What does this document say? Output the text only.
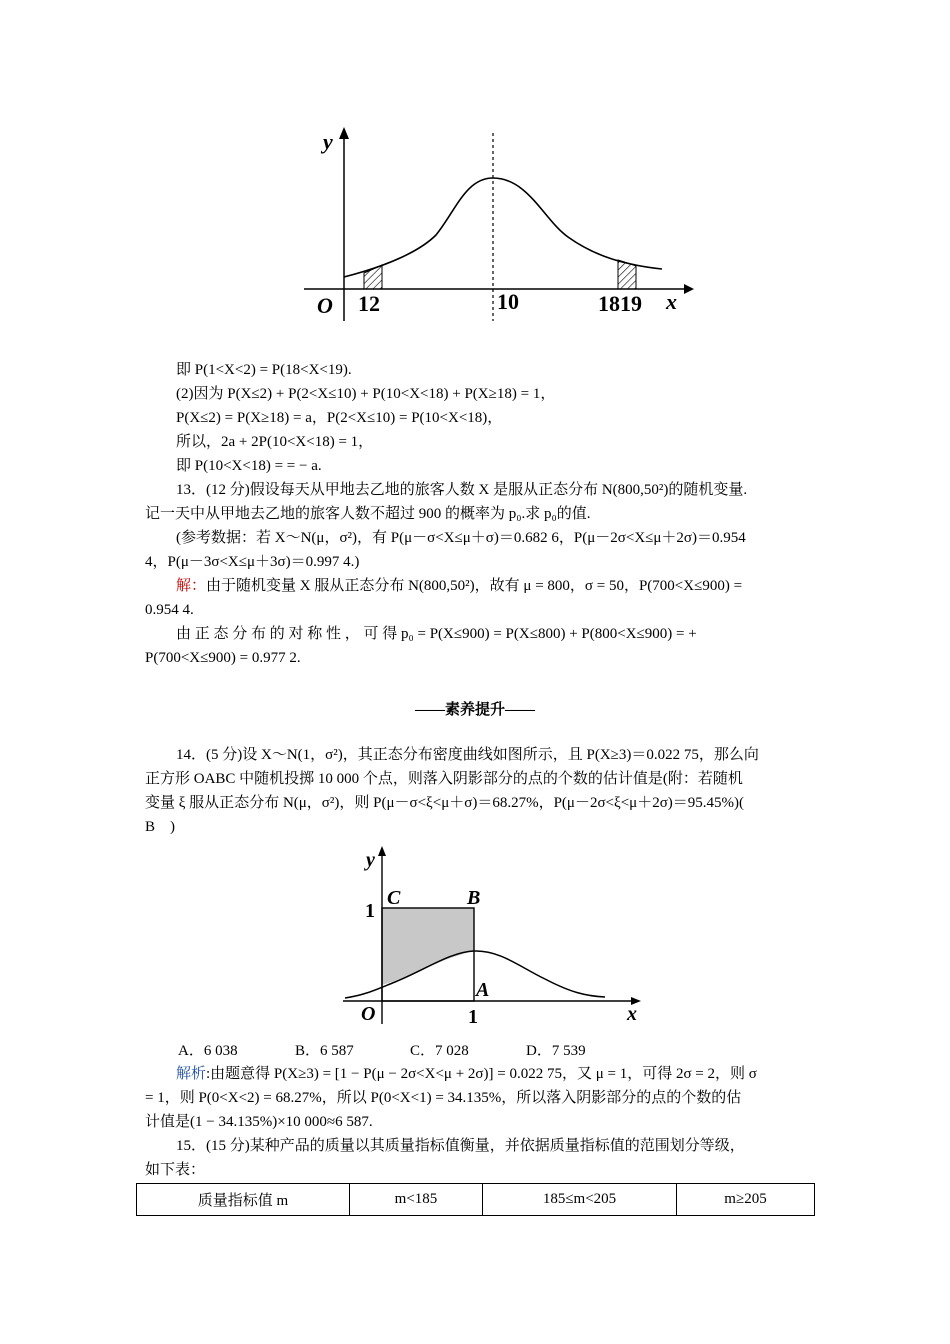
y
O 12	10	1819 x

即 P(1<X<2) = P(18<X<19).

(2)因为 P(X≤2) + P(2<X≤10) + P(10<X<18) + P(X≥18) = 1，

P(X≤2) = P(X≥18) = a，P(2<X≤10) = P(10<X<18)，

所以，2a + 2P(10<X<18) = 1，

即 P(10<X<18) = = − a.

13．(12 分)假设每天从甲地去乙地的旅客人数 X 是服从正态分布 N(800,50²)的随机变量.

记一天中从甲地去乙地的旅客人数不超过 900 的概率为 p₀.求 p₀的值.

(参考数据：若 X～N(μ，σ²)，有 P(μ－σ<X≤μ＋σ)＝0.682 6，P(μ－2σ<X≤μ＋2σ)＝0.954

4，P(μ－3σ<X≤μ＋3σ)＝0.997 4.)

解：由于随机变量 X 服从正态分布 N(800,50²)，故有 μ = 800，σ = 50，P(700<X≤900) =

0.954 4.

由 正 态 分 布 的 对 称 性 ， 可 得 p₀ = P(X≤900) = P(X≤800) + P(800<X≤900) = +

P(700<X≤900) = 0.977 2.

——素养提升——

14．(5 分)设 X～N(1，σ²)，其正态分布密度曲线如图所示，且 P(X≥3)＝0.022 75，那么向

正方形 OABC 中随机投掷 10 000 个点，则落入阴影部分的点的个数的估计值是(附：若随机

变量 ξ 服从正态分布 N(μ，σ²)，则 P(μ－σ<ξ<μ＋σ)＝68.27%，P(μ－2σ<ξ<μ＋2σ)＝95.45%)(

B　)

y
C	B
1
A
O	1	x
A．6 038	B．6 587	C．7 028	D．7 539

解析:由题意得 P(X≥3) = [1 − P(μ − 2σ<X<μ + 2σ)] = 0.022 75，又 μ = 1，可得 2σ = 2，则 σ

= 1，则 P(0<X<2) = 68.27%，所以 P(0<X<1) = 34.135%，所以落入阴影部分的点的个数的估

计值是(1 − 34.135%)×10 000≈6 587.

15．(15 分)某种产品的质量以其质量指标值衡量，并依据质量指标值的范围划分等级，

如下表：

质量指标值 m	m<185	185≤m<205	m≥205
